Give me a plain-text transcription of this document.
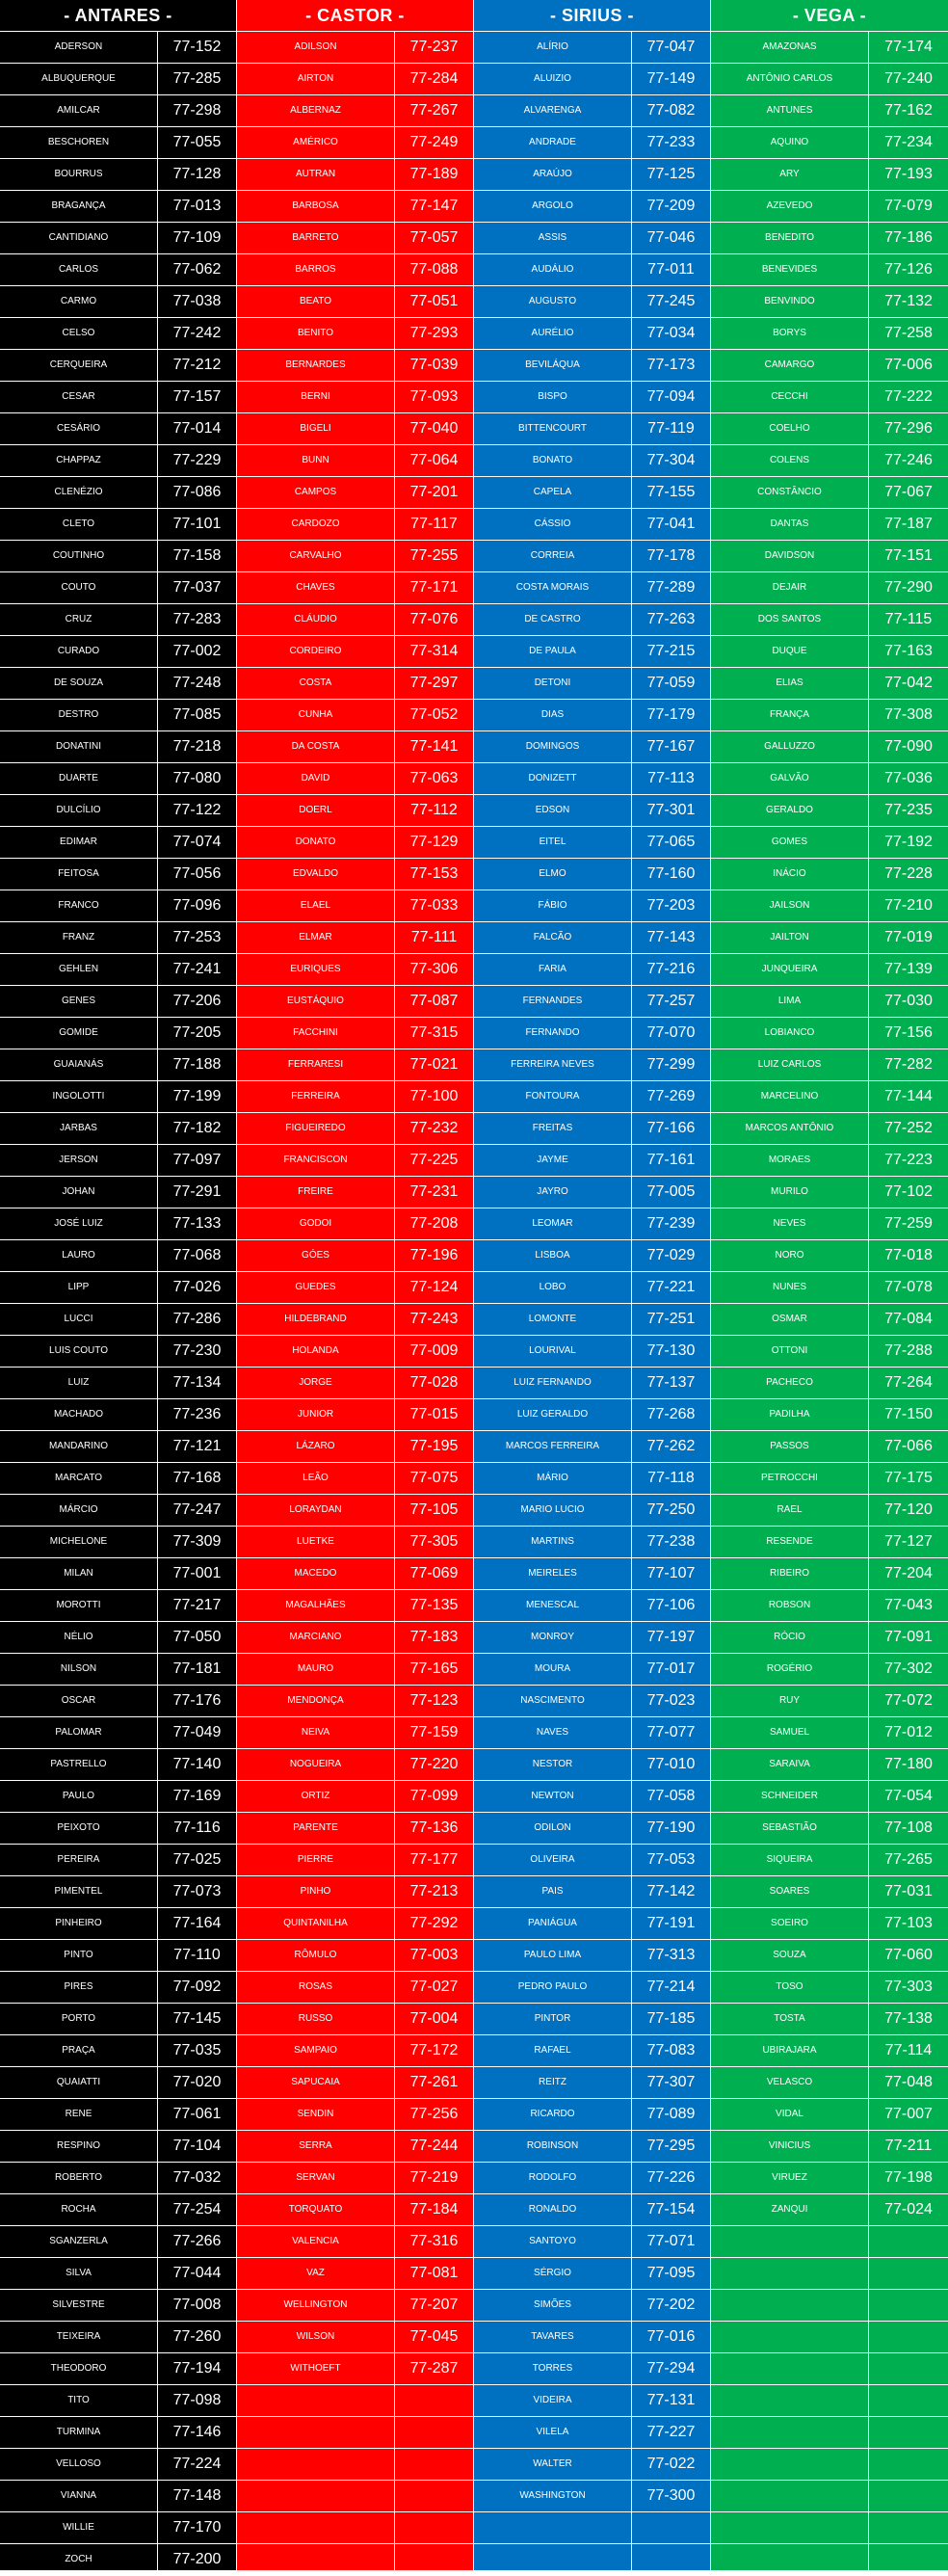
- ANTARES -
ADERSON	77-152
ALBUQUERQUE	77-285
AMILCAR	77-298
BESCHOREN	77-055
BOURRUS	77-128
BRAGANÇA	77-013
CANTIDIANO	77-109
CARLOS	77-062
CARMO	77-038
CELSO	77-242
CERQUEIRA	77-212
CESAR	77-157
CESÁRIO	77-014
CHAPPAZ	77-229
CLENÉZIO	77-086
CLETO	77-101
COUTINHO	77-158
COUTO	77-037
CRUZ	77-283
CURADO	77-002
DE SOUZA	77-248
DESTRO	77-085
DONATINI	77-218
DUARTE	77-080
DULCÍLIO	77-122
EDIMAR	77-074
FEITOSA	77-056
FRANCO	77-096
FRANZ	77-253
GEHLEN	77-241
GENES	77-206
GOMIDE	77-205
GUAIANÁS	77-188
INGOLOTTI	77-199
JARBAS	77-182
JERSON	77-097
JOHAN	77-291
JOSÉ LUIZ	77-133
LAURO	77-068
LIPP	77-026
LUCCI	77-286
LUIS COUTO	77-230
LUIZ	77-134
MACHADO	77-236
MANDARINO	77-121
MARCATO	77-168
MÁRCIO	77-247
MICHELONE	77-309
MILAN	77-001
MOROTTI	77-217
NÉLIO	77-050
NILSON	77-181
OSCAR	77-176
PALOMAR	77-049
PASTRELLO	77-140
PAULO	77-169
PEIXOTO	77-116
PEREIRA	77-025
PIMENTEL	77-073
PINHEIRO	77-164
PINTO	77-110
PIRES	77-092
PORTO	77-145
PRAÇA	77-035
QUAIATTI	77-020
RENE	77-061
RESPINO	77-104
ROBERTO	77-032
ROCHA	77-254
SGANZERLA	77-266
SILVA	77-044
SILVESTRE	77-008
TEIXEIRA	77-260
THEODORO	77-194
TITO	77-098
TURMINA	77-146
VELLOSO	77-224
VIANNA	77-148
WILLIE	77-170
ZOCH	77-200
- CASTOR -
ADILSON	77-237
AIRTON	77-284
ALBERNAZ	77-267
AMÉRICO	77-249
AUTRAN	77-189
BARBOSA	77-147
BARRETO	77-057
BARROS	77-088
BEATO	77-051
BENITO	77-293
BERNARDES	77-039
BERNI	77-093
BIGELI	77-040
BUNN	77-064
CAMPOS	77-201
CARDOZO	77-117
CARVALHO	77-255
CHAVES	77-171
CLÁUDIO	77-076
CORDEIRO	77-314
COSTA	77-297
CUNHA	77-052
DA COSTA	77-141
DAVID	77-063
DOERL	77-112
DONATO	77-129
EDVALDO	77-153
ELAEL	77-033
ELMAR	77-111
EURIQUES	77-306
EUSTÁQUIO	77-087
FACCHINI	77-315
FERRARESI	77-021
FERREIRA	77-100
FIGUEIREDO	77-232
FRANCISCON	77-225
FREIRE	77-231
GODOI	77-208
GÓES	77-196
GUEDES	77-124
HILDEBRAND	77-243
HOLANDA	77-009
JORGE	77-028
JUNIOR	77-015
LÁZARO	77-195
LEÃO	77-075
LORAYDAN	77-105
LUETKE	77-305
MACEDO	77-069
MAGALHÃES	77-135
MARCIANO	77-183
MAURO	77-165
MENDONÇA	77-123
NEIVA	77-159
NOGUEIRA	77-220
ORTIZ	77-099
PARENTE	77-136
PIERRE	77-177
PINHO	77-213
QUINTANILHA	77-292
RÔMULO	77-003
ROSAS	77-027
RUSSO	77-004
SAMPAIO	77-172
SAPUCAIA	77-261
SENDIN	77-256
SERRA	77-244
SERVAN	77-219
TORQUATO	77-184
VALENCIA	77-316
VAZ	77-081
WELLINGTON	77-207
WILSON	77-045
WITHOEFT	77-287
- SIRIUS -
ALÍRIO	77-047
ALUIZIO	77-149
ALVARENGA	77-082
ANDRADE	77-233
ARAÚJO	77-125
ARGOLO	77-209
ASSIS	77-046
AUDÁLIO	77-011
AUGUSTO	77-245
AURÉLIO	77-034
BEVILÁQUA	77-173
BISPO	77-094
BITTENCOURT	77-119
BONATO	77-304
CAPELA	77-155
CÁSSIO	77-041
CORREIA	77-178
COSTA MORAIS	77-289
DE CASTRO	77-263
DE PAULA	77-215
DETONI	77-059
DIAS	77-179
DOMINGOS	77-167
DONIZETT	77-113
EDSON	77-301
EITEL	77-065
ELMO	77-160
FÁBIO	77-203
FALCÃO	77-143
FARIA	77-216
FERNANDES	77-257
FERNANDO	77-070
FERREIRA NEVES	77-299
FONTOURA	77-269
FREITAS	77-166
JAYME	77-161
JAYRO	77-005
LEOMAR	77-239
LISBOA	77-029
LOBO	77-221
LOMONTE	77-251
LOURIVAL	77-130
LUIZ FERNANDO	77-137
LUIZ GERALDO	77-268
MARCOS FERREIRA	77-262
MÁRIO	77-118
MARIO LUCIO	77-250
MARTINS	77-238
MEIRELES	77-107
MENESCAL	77-106
MONROY	77-197
MOURA	77-017
NASCIMENTO	77-023
NAVES	77-077
NESTOR	77-010
NEWTON	77-058
ODILON	77-190
OLIVEIRA	77-053
PAIS	77-142
PANIÁGUA	77-191
PAULO LIMA	77-313
PEDRO PAULO	77-214
PINTOR	77-185
RAFAEL	77-083
REITZ	77-307
RICARDO	77-089
ROBINSON	77-295
RODOLFO	77-226
RONALDO	77-154
SANTOYO	77-071
SÉRGIO	77-095
SIMÕES	77-202
TAVARES	77-016
TORRES	77-294
VIDEIRA	77-131
VILELA	77-227
WALTER	77-022
WASHINGTON	77-300
- VEGA -
AMAZONAS	77-174
ANTÔNIO CARLOS	77-240
ANTUNES	77-162
AQUINO	77-234
ARY	77-193
AZEVEDO	77-079
BENEDITO	77-186
BENEVIDES	77-126
BENVINDO	77-132
BORYS	77-258
CAMARGO	77-006
CECCHI	77-222
COELHO	77-296
COLENS	77-246
CONSTÂNCIO	77-067
DANTAS	77-187
DAVIDSON	77-151
DEJAIR	77-290
DOS SANTOS	77-115
DUQUE	77-163
ELIAS	77-042
FRANÇA	77-308
GALLUZZO	77-090
GALVÃO	77-036
GERALDO	77-235
GOMES	77-192
INÁCIO	77-228
JAILSON	77-210
JAILTON	77-019
JUNQUEIRA	77-139
LIMA	77-030
LOBIANCO	77-156
LUIZ CARLOS	77-282
MARCELINO	77-144
MARCOS ANTÔNIO	77-252
MORAES	77-223
MURILO	77-102
NEVES	77-259
NORO	77-018
NUNES	77-078
OSMAR	77-084
OTTONI	77-288
PACHECO	77-264
PADILHA	77-150
PASSOS	77-066
PETROCCHI	77-175
RAEL	77-120
RESENDE	77-127
RIBEIRO	77-204
ROBSON	77-043
RÓCIO	77-091
ROGÉRIO	77-302
RUY	77-072
SAMUEL	77-012
SARAIVA	77-180
SCHNEIDER	77-054
SEBASTIÃO	77-108
SIQUEIRA	77-265
SOARES	77-031
SOEIRO	77-103
SOUZA	77-060
TOSO	77-303
TOSTA	77-138
UBIRAJARA	77-114
VELASCO	77-048
VIDAL	77-007
VINICIUS	77-211
VIRUEZ	77-198
ZANQUI	77-024
